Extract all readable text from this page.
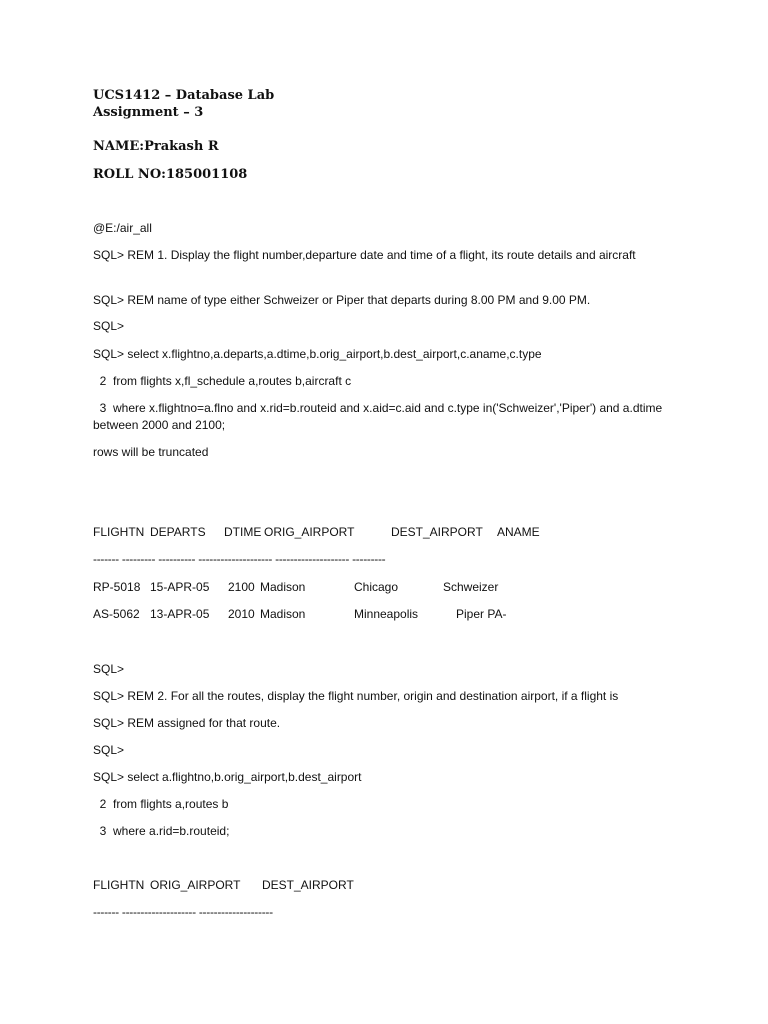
UCS1412 – Database Lab
Assignment – 3
NAME:Prakash R
ROLL NO:185001108
@E:/air_all
SQL> REM 1. Display the flight number,departure date and time of a flight, its route details and aircraft
SQL> REM name of type either Schweizer or Piper that departs during 8.00 PM and 9.00 PM.
SQL>
SQL> select x.flightno,a.departs,a.dtime,b.orig_airport,b.dest_airport,c.aname,c.type
2  from flights x,fl_schedule a,routes b,aircraft c
3  where x.flightno=a.flno and x.rid=b.routeid and x.aid=c.aid and c.type in('Schweizer','Piper') and a.dtime between 2000 and 2100;
rows will be truncated
FLIGHTN DEPARTS DTIME ORIG_AIRPORT	DEST_AIRPORT ANAME
------- --------- ---------- -------------------- -------------------- ---------
RP-5018 15-APR-05 2100 Madison	Chicago	Schweizer
AS-5062 13-APR-05 2010 Madison	Minneapolis	Piper PA-
SQL>
SQL> REM 2. For all the routes, display the flight number, origin and destination airport, if a flight is
SQL> REM assigned for that route.
SQL>
SQL> select a.flightno,b.orig_airport,b.dest_airport
2  from flights a,routes b
3  where a.rid=b.routeid;
FLIGHTN ORIG_AIRPORT DEST_AIRPORT
------- -------------------- --------------------
